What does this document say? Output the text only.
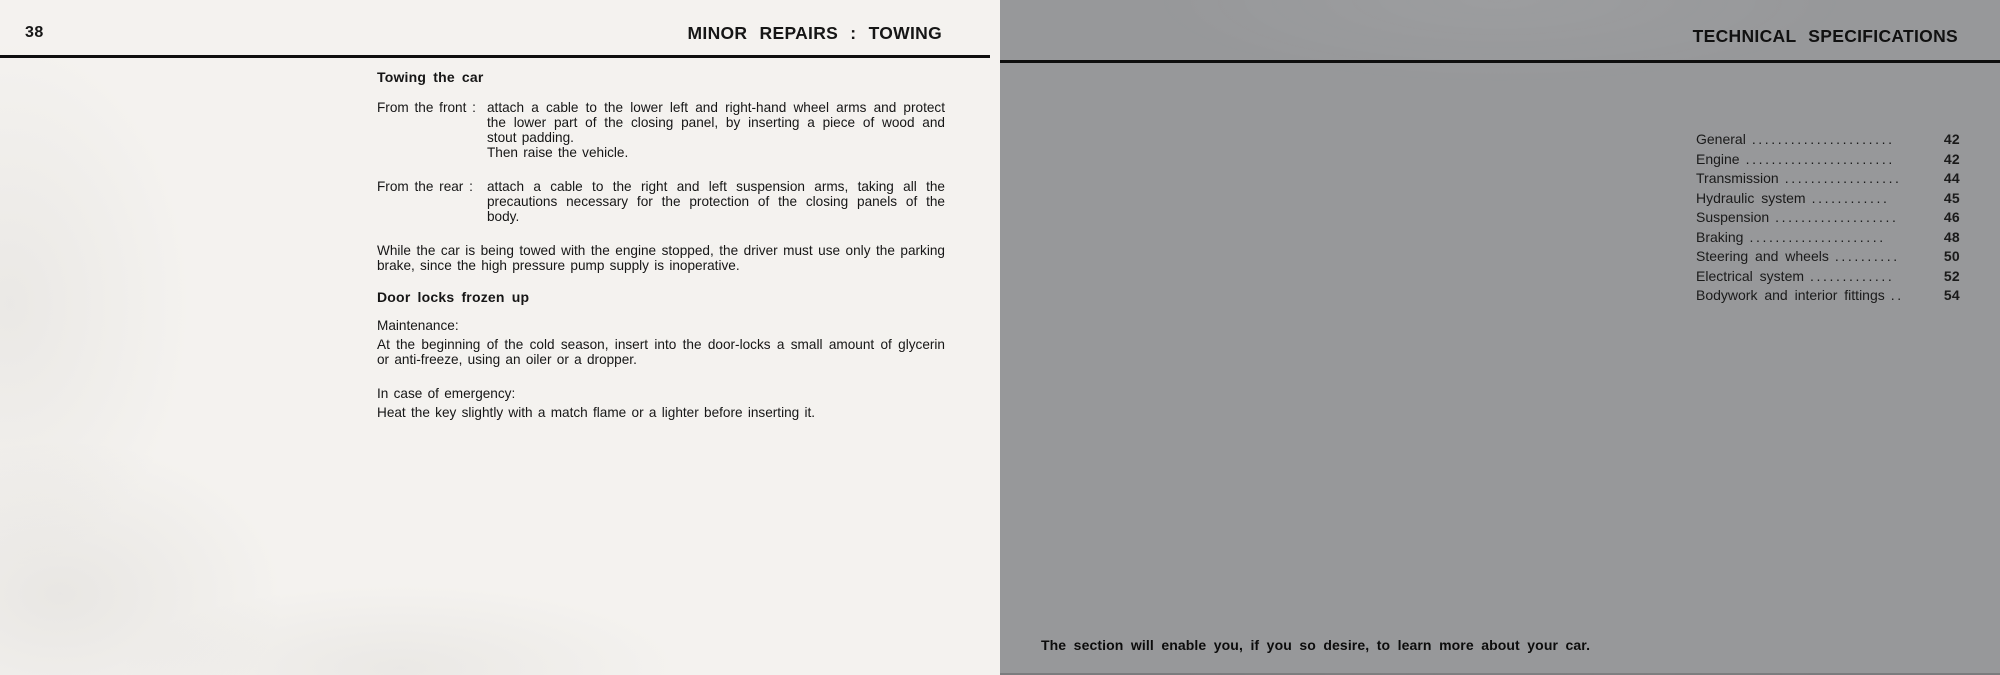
38	MINOR REPAIRS : TOWING
Towing the car
From the front : attach a cable to the lower left and right-hand wheel arms and protect the lower part of the closing panel, by inserting a piece of wood and stout padding.

Then raise the vehicle.

From the rear :	attach a cable to the right and left suspension arms, taking all the precautions necessary for the protection of the closing panels of the body.

While the car is being towed with the engine stopped, the driver must use only the parking brake, since the high pressure pump supply is inoperative.

Door locks frozen up
Maintenance:

At the beginning of the cold season, insert into the door-locks a small amount of glycerin or anti-freeze, using an oiler or a dropper.

In case of emergency:

Heat the key slightly with a match flame or a lighter before inserting it.

TECHNICAL SPECIFICATIONS
General ......................	42
Engine .......................	42
Transmission ..................	44
Hydraulic system ............	45
Suspension ...................	46
Braking .....................	48
Steering and wheels ..........	50
Electrical system .............	52
Bodywork and interior fittings ..	54
The section will enable you, if you so desire, to learn more about your car.
